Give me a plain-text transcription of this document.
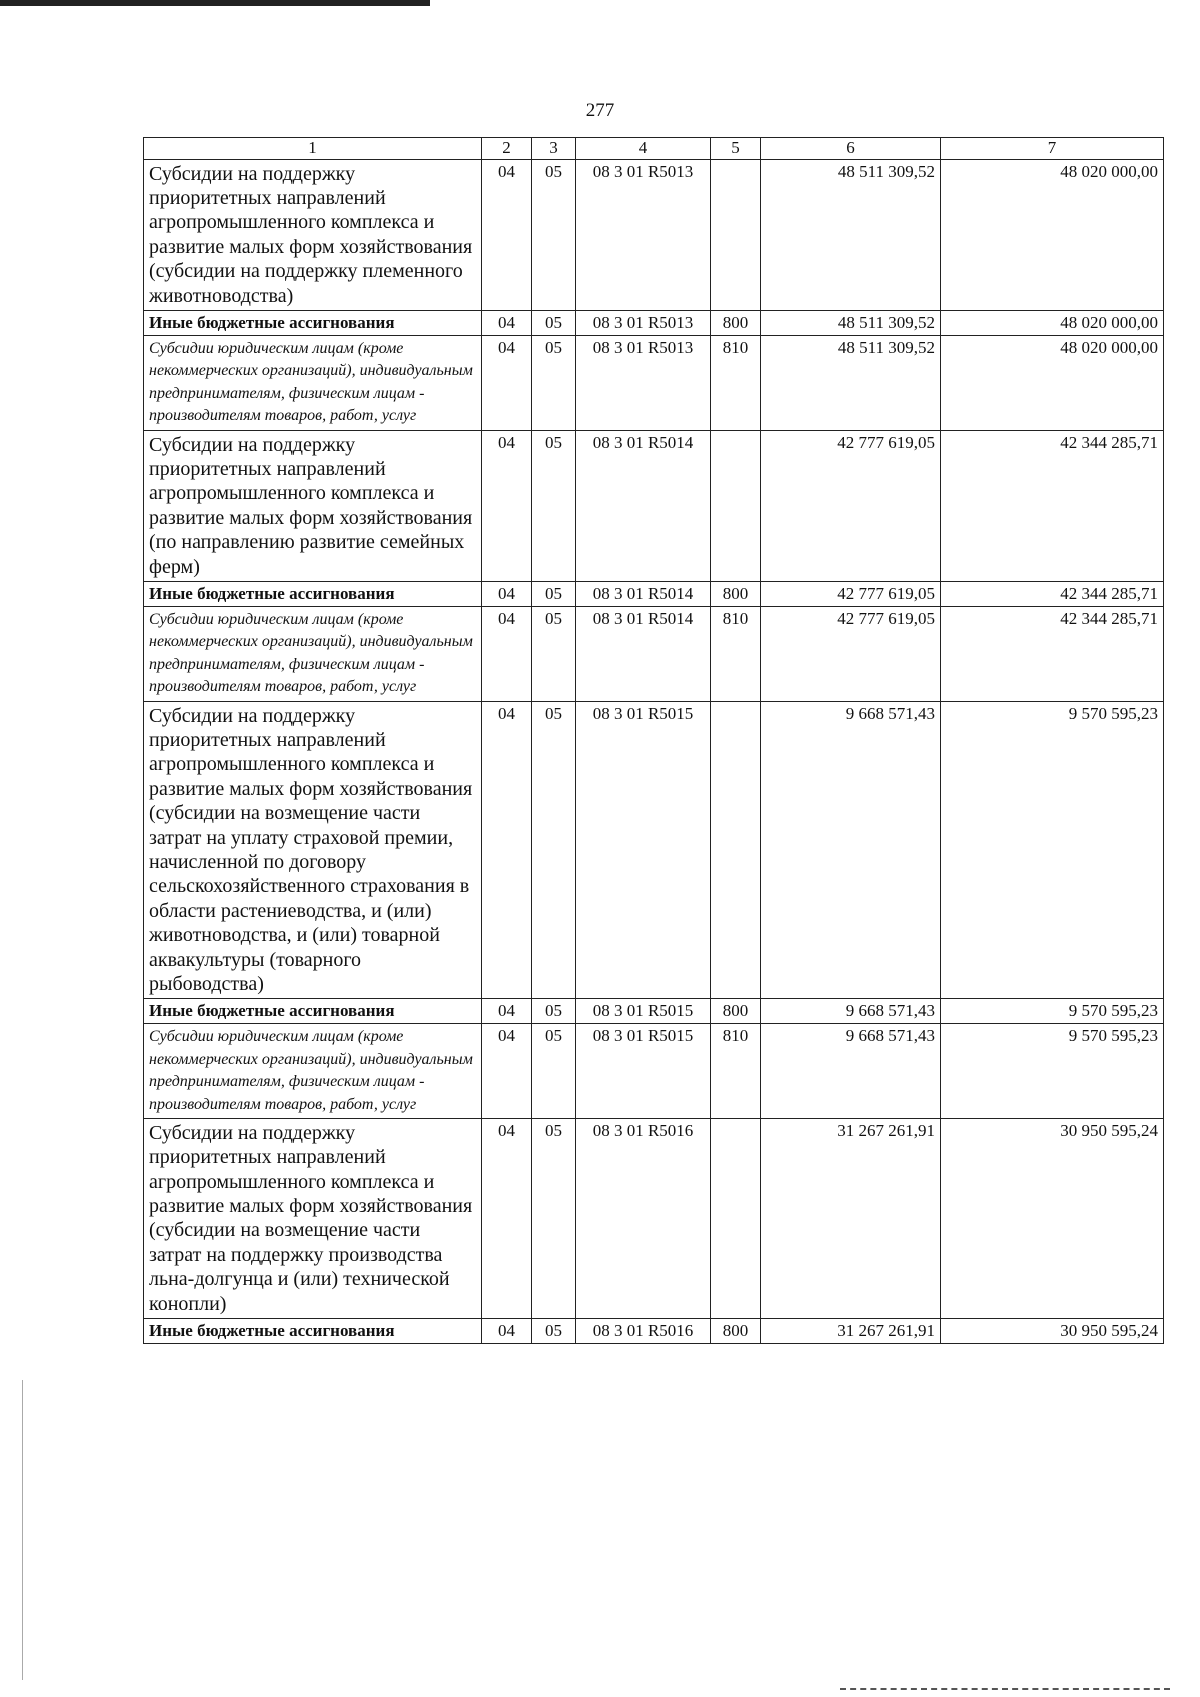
277
1	2	3	4	5	6	7
Субсидии на поддержку приоритетных направлений агропромышленного комплекса и развитие малых форм хозяйствования (субсидии на поддержку племенного животноводства)	04	05	08 3 01 R5013		48 511 309,52	48 020 000,00
Иные бюджетные ассигнования	04	05	08 3 01 R5013	800	48 511 309,52	48 020 000,00
Субсидии юридическим лицам (кроме некоммерческих организаций), индивидуальным предпринимателям, физическим лицам - производителям товаров, работ, услуг	04	05	08 3 01 R5013	810	48 511 309,52	48 020 000,00
Субсидии на поддержку приоритетных направлений агропромышленного комплекса и развитие малых форм хозяйствования (по направлению развитие семейных ферм)	04	05	08 3 01 R5014		42 777 619,05	42 344 285,71
Иные бюджетные ассигнования	04	05	08 3 01 R5014	800	42 777 619,05	42 344 285,71
Субсидии юридическим лицам (кроме некоммерческих организаций), индивидуальным предпринимателям, физическим лицам - производителям товаров, работ, услуг	04	05	08 3 01 R5014	810	42 777 619,05	42 344 285,71
Субсидии на поддержку приоритетных направлений агропромышленного комплекса и развитие малых форм хозяйствования (субсидии на возмещение части затрат на уплату страховой премии, начисленной по договору сельскохозяйственного страхования в области растениеводства, и (или) животноводства, и (или) товарной аквакультуры (товарного рыбоводства)	04	05	08 3 01 R5015		9 668 571,43	9 570 595,23
Иные бюджетные ассигнования	04	05	08 3 01 R5015	800	9 668 571,43	9 570 595,23
Субсидии юридическим лицам (кроме некоммерческих организаций), индивидуальным предпринимателям, физическим лицам - производителям товаров, работ, услуг	04	05	08 3 01 R5015	810	9 668 571,43	9 570 595,23
Субсидии на поддержку приоритетных направлений агропромышленного комплекса и развитие малых форм хозяйствования (субсидии на возмещение части затрат на поддержку производства льна-долгунца и (или) технической конопли)	04	05	08 3 01 R5016		31 267 261,91	30 950 595,24
Иные бюджетные ассигнования	04	05	08 3 01 R5016	800	31 267 261,91	30 950 595,24
